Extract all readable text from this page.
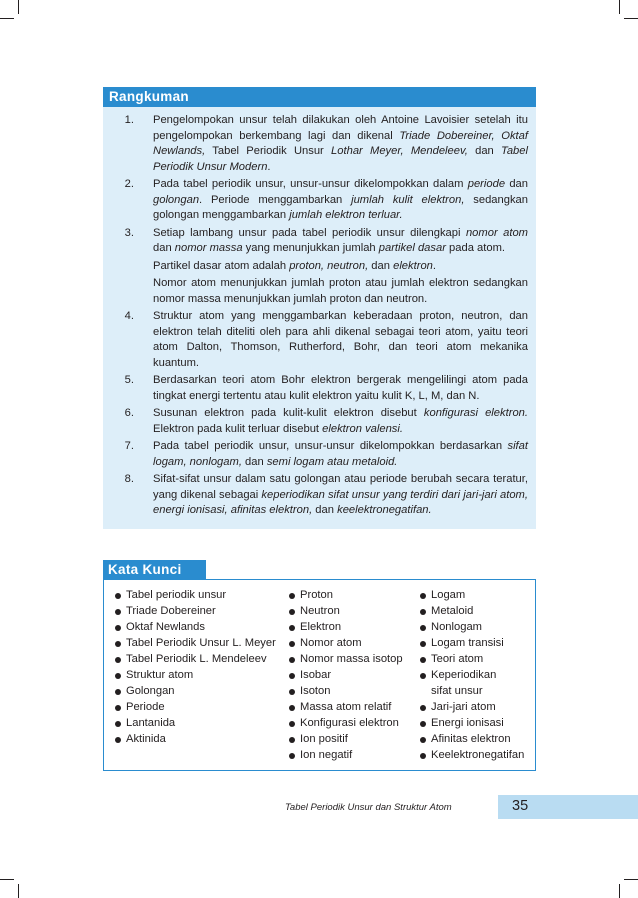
Rangkuman
1. Pengelompokan unsur telah dilakukan oleh Antoine Lavoisier setelah itu pengelompokan berkembang lagi dan dikenal Triade Dobereiner, Oktaf Newlands, Tabel Periodik Unsur Lothar Meyer, Mendeleev, dan Tabel Periodik Unsur Modern.

2. Pada tabel periodik unsur, unsur-unsur dikelompokkan dalam periode dan golongan. Periode menggambarkan jumlah kulit elektron, sedangkan golongan menggambarkan jumlah elektron terluar.

3. Setiap lambang unsur pada tabel periodik unsur dilengkapi nomor atom dan nomor massa yang menunjukkan jumlah partikel dasar pada atom.

Partikel dasar atom adalah proton, neutron, dan elektron.

Nomor atom menunjukkan jumlah proton atau jumlah elektron sedangkan nomor massa menunjukkan jumlah proton dan neutron.

4. Struktur atom yang menggambarkan keberadaan proton, neutron, dan elektron telah diteliti oleh para ahli dikenal sebagai teori atom, yaitu teori atom Dalton, Thomson, Rutherford, Bohr, dan teori atom mekanika kuantum.

5. Berdasarkan teori atom Bohr elektron bergerak mengelilingi atom pada tingkat energi tertentu atau kulit elektron yaitu kulit K, L, M, dan N.

6. Susunan elektron pada kulit-kulit elektron disebut konfigurasi elektron. Elektron pada kulit terluar disebut elektron valensi.

7. Pada tabel periodik unsur, unsur-unsur dikelompokkan berdasarkan sifat logam, nonlogam, dan semi logam atau metaloid.

8. Sifat-sifat unsur dalam satu golongan atau periode berubah secara teratur, yang dikenal sebagai keperiodikan sifat unsur yang terdiri dari jari-jari atom, energi ionisasi, afinitas elektron, dan keelektronegatifan.

Kata Kunci
Tabel periodik unsur
Triade Dobereiner
Oktaf Newlands
Tabel Periodik Unsur L. Meyer
Tabel Periodik L. Mendeleev
Struktur atom
Golongan
Periode
Lantanida
Aktinida
Proton
Neutron
Elektron
Nomor atom
Nomor massa isotop
Isobar
Isoton
Massa atom relatif
Konfigurasi elektron
Ion positif
Ion negatif
Logam
Metaloid
Nonlogam
Logam transisi
Teori atom
Keperiodikan
sifat unsur
Jari-jari atom
Energi ionisasi
Afinitas elektron
Keelektronegatifan
Tabel Periodik Unsur dan Struktur Atom	35
